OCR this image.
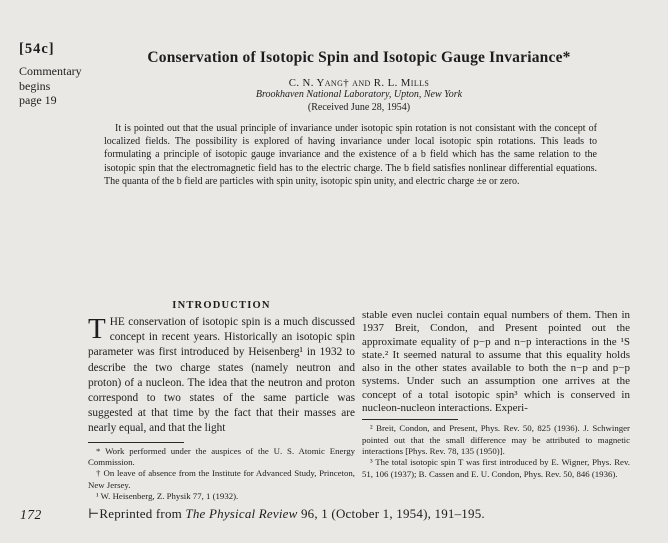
[54c]
Commentary
begins
page 19
Conservation of Isotopic Spin and Isotopic Gauge Invariance*
C. N. Yang† and R. L. Mills
Brookhaven National Laboratory, Upton, New York
(Received June 28, 1954)

It is pointed out that the usual principle of invariance under isotopic spin rotation is not consistant with the concept of localized fields. The possibility is explored of having invariance under local isotopic spin rotations. This leads to formulating a principle of isotopic gauge invariance and the existence of a b field which has the same relation to the isotopic spin that the electromagnetic field has to the electric charge. The b field satisfies nonlinear differential equations. The quanta of the b field are particles with spin unity, isotopic spin unity, and electric charge ±e or zero.

INTRODUCTION

THE conservation of isotopic spin is a much discussed concept in recent years. Historically an isotopic spin parameter was first introduced by Heisenberg¹ in 1932 to describe the two charge states (namely neutron and proton) of a nucleon. The idea that the neutron and proton correspond to two states of the same particle was suggested at that time by the fact that their masses are nearly equal, and that the light

* Work performed under the auspices of the U. S. Atomic Energy Commission.

† On leave of absence from the Institute for Advanced Study, Princeton, New Jersey.

¹ W. Heisenberg, Z. Physik 77, 1 (1932).

stable even nuclei contain equal numbers of them. Then in 1937 Breit, Condon, and Present pointed out the approximate equality of p−p and n−p interactions in the ¹S state.² It seemed natural to assume that this equality holds also in the other states available to both the n−p and p−p systems. Under such an assumption one arrives at the concept of a total isotopic spin³ which is conserved in nucleon-nucleon interactions. Experi-

² Breit, Condon, and Present, Phys. Rev. 50, 825 (1936). J. Schwinger pointed out that the small difference may be attributed to magnetic interactions [Phys. Rev. 78, 135 (1950)].

³ The total isotopic spin T was first introduced by E. Wigner, Phys. Rev. 51, 106 (1937); B. Cassen and E. U. Condon, Phys. Rev. 50, 846 (1936).

172	⊢Reprinted from The Physical Review 96, 1 (October 1, 1954), 191–195.
